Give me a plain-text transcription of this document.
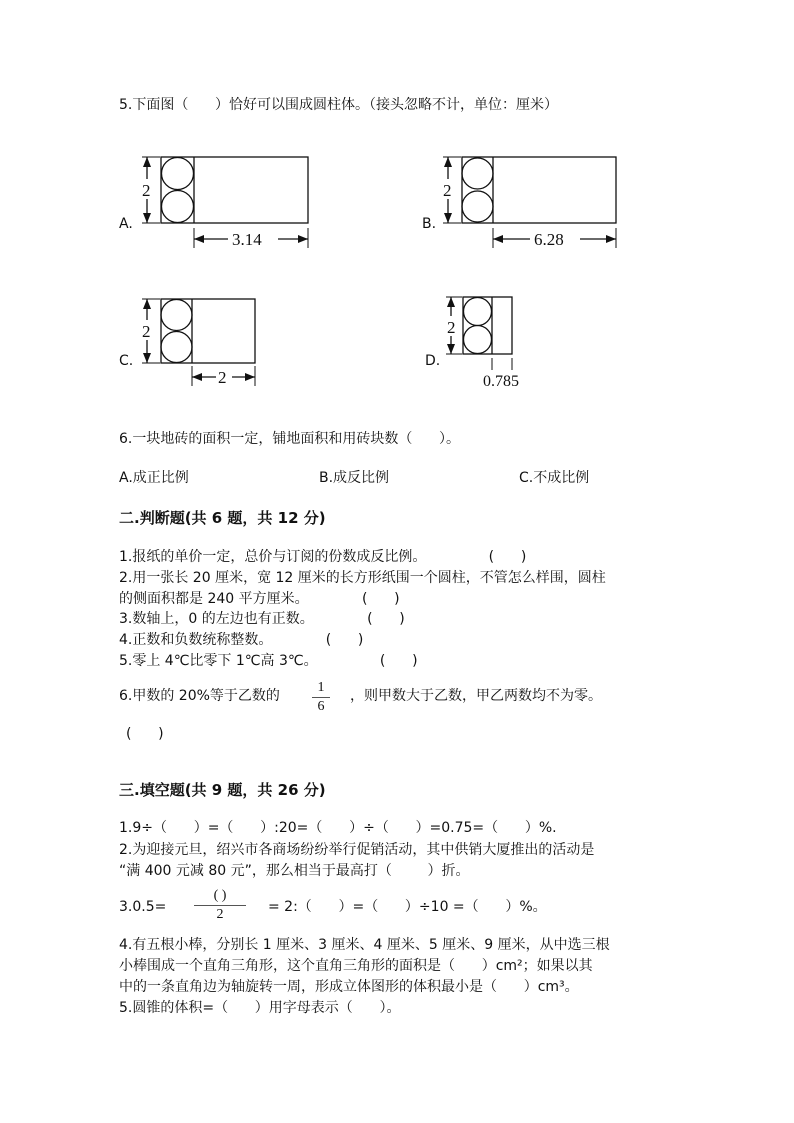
5.下面图（      ）恰好可以围成圆柱体。（接头忽略不计，单位：厘米）
A.
2
3.14
B.
2
6.28
C.
2
2
D.
2
0.785
6.一块地砖的面积一定，铺地面积和用砖块数（      ）。
A.成正比例	B.成反比例	C.不成比例
二.判断题(共 6 题，共 12 分)
1.报纸的单价一定，总价与订阅的份数成反比例。              (      )
2.用一张长 20 厘米，宽 12 厘米的长方形纸围一个圆柱，不管怎么样围，圆柱
的侧面积都是 240 平方厘米。            (      )
3.数轴上，0 的左边也有正数。            (      )
4.正数和负数统称整数。            (      )
5.零上 4℃比零下 1℃高 3℃。              (      )
6.甲数的 20%等于乙数的
1
6
，则甲数大于乙数，甲乙两数均不为零。
(      )
三.填空题(共 9 题，共 26 分)
1.9÷（      ）=（      ）:20=（      ）÷（      ）=0.75=（      ）%.
2.为迎接元旦，绍兴市各商场纷纷举行促销活动，其中供销大厦推出的活动是
“满 400 元减 80 元”，那么相当于最高打（        ）折。
3.0.5=
( )
2	= 2:（      ）=（      ）÷10 =（      ）%。
4.有五根小棒，分别长 1 厘米、3 厘米、4 厘米、5 厘米、9 厘米，从中选三根
小棒围成一个直角三角形，这个直角三角形的面积是（      ）cm²；如果以其
中的一条直角边为轴旋转一周，形成立体图形的体积最小是（      ）cm³。
5.圆锥的体积=（      ）用字母表示（      ）。
